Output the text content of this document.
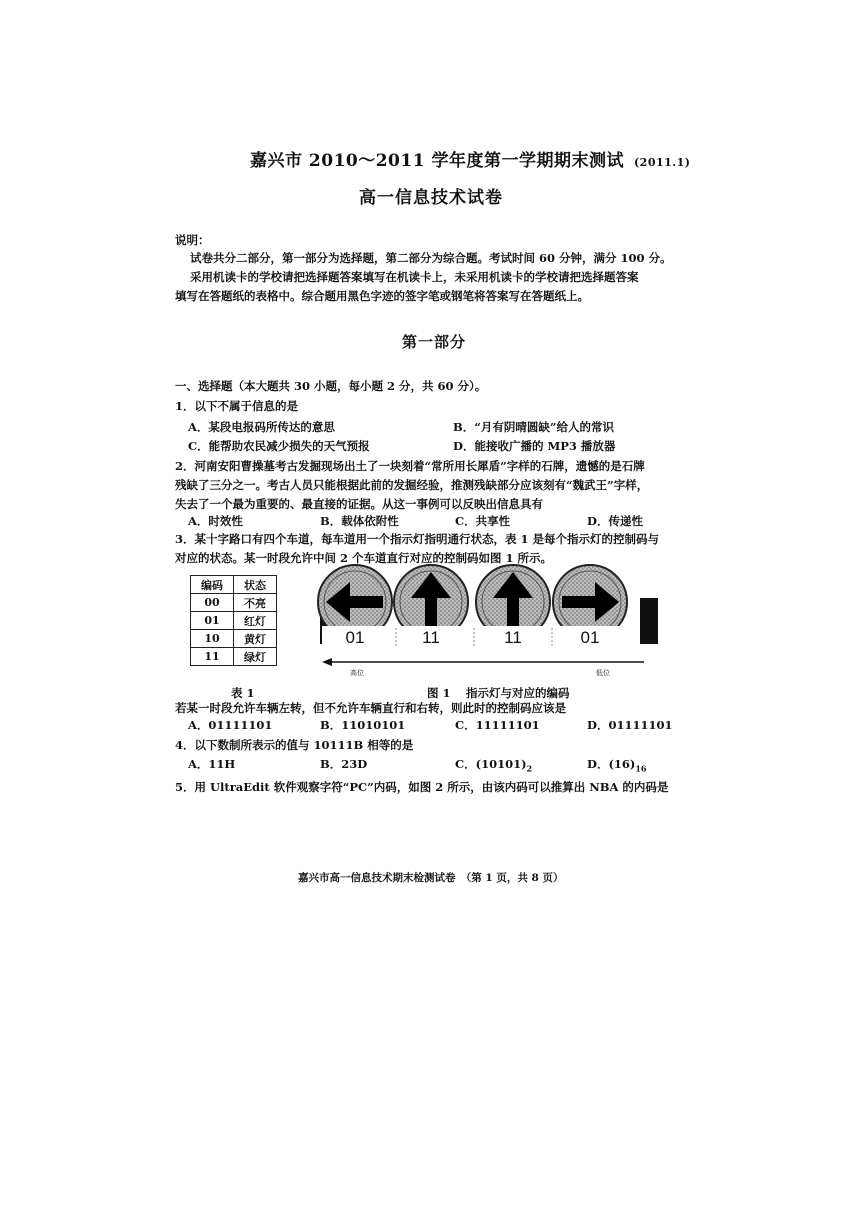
嘉兴市 2010～2011 学年度第一学期期末测试 (2011.1)
高一信息技术试卷
说明：
试卷共分二部分，第一部分为选择题，第二部分为综合题。考试时间 60 分钟，满分 100 分。
采用机读卡的学校请把选择题答案填写在机读卡上，未采用机读卡的学校请把选择题答案
填写在答题纸的表格中。综合题用黑色字迹的签字笔或钢笔将答案写在答题纸上。
第一部分
一、选择题（本大题共 30 小题，每小题 2 分，共 60 分）。
1．以下不属于信息的是
A．某段电报码所传达的意思	B．“月有阴晴圆缺”给人的常识
C．能帮助农民减少损失的天气预报	D．能接收广播的 MP3 播放器
2．河南安阳曹操墓考古发掘现场出土了一块刻着“常所用长犀盾”字样的石牌，遗憾的是石牌
残缺了三分之一。考古人员只能根据此前的发掘经验，推测残缺部分应该刻有“魏武王”字样，
失去了一个最为重要的、最直接的证据。从这一事例可以反映出信息具有
A．时效性	B．载体依附性	C．共享性	D．传递性
3．某十字路口有四个车道，每车道用一个指示灯指明通行状态，表 1 是每个指示灯的控制码与
对应的状态。某一时段允许中间 2 个车道直行对应的控制码如图 1 所示。
编码	状态
00	不亮
01	红灯
10	黄灯
11	绿灯
01	11	11	01
高位	低位
表 1	图 1　 指示灯与对应的编码
若某一时段允许车辆左转，但不允许车辆直行和右转，则此时的控制码应该是
A．01111101	B．11010101	C．11111101	D．01111101
4．以下数制所表示的值与 10111B 相等的是
A．11H	B．23D	C．$(10101)_2$	D．$(16)_{16}$
5．用 UltraEdit 软件观察字符“PC”内码，如图 2 所示，由该内码可以推算出 NBA 的内码是
嘉兴市高一信息技术期末检测试卷　（第 1 页，共 8 页）
